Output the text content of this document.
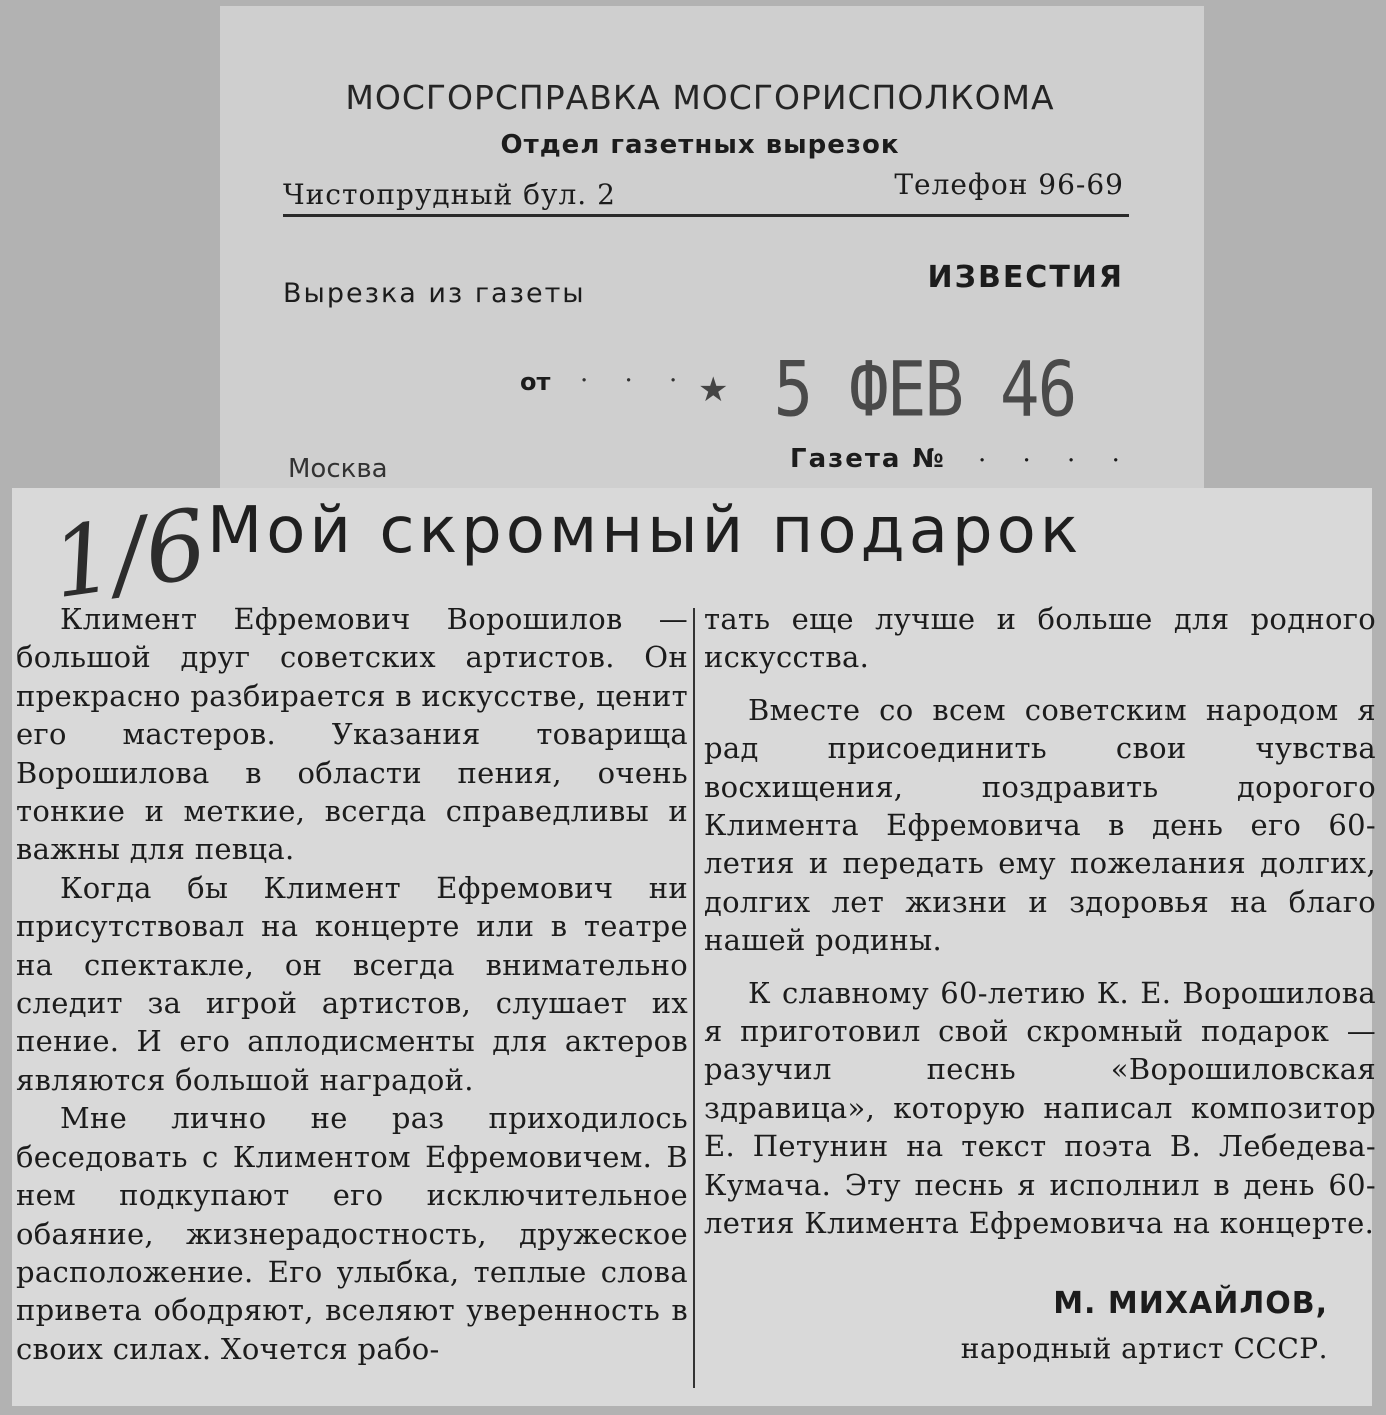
МОСГОРСПРАВКА МОСГОРИСПОЛКОМА
Отдел газетных вырезок
Чистопрудный бул. 2	Телефон 96-69
Вырезка из газеты	ИЗВЕСТИЯ
от · · · ★ 5 ФЕВ 46
Москва	Газета № · · · ·
1/6
Мой скромный подарок

Климент Ефремович Ворошилов — большой друг советских артистов. Он прекрасно разбирается в искусстве, ценит его мастеров. Указания товарища Ворошилова в области пения, очень тонкие и меткие, всегда справедливы и важны для певца.

Когда бы Климент Ефремович ни присутствовал на концерте или в театре на спектакле, он всегда внимательно следит за игрой артистов, слушает их пение. И его аплодисменты для актеров являются большой наградой.

Мне лично не раз приходилось беседовать с Климентом Ефремовичем. В нем подкупают его исключительное обаяние, жизнерадостность, дружеское расположение. Его улыбка, теплые слова привета ободряют, вселяют уверенность в своих силах. Хочется рабо-

тать еще лучше и больше для родного искусства.

Вместе со всем советским народом я рад присоединить свои чувства восхищения, поздравить дорогого Климента Ефремовича в день его 60-летия и передать ему пожелания долгих, долгих лет жизни и здоровья на благо нашей родины.

К славному 60-летию К. Е. Ворошилова я приготовил свой скромный подарок — разучил песнь «Ворошиловская здравица», которую написал композитор Е. Петунин на текст поэта В. Лебедева-Кумача. Эту песнь я исполнил в день 60-летия Климента Ефремовича на концерте.

М. МИХАЙЛОВ,
народный артист СССР.
